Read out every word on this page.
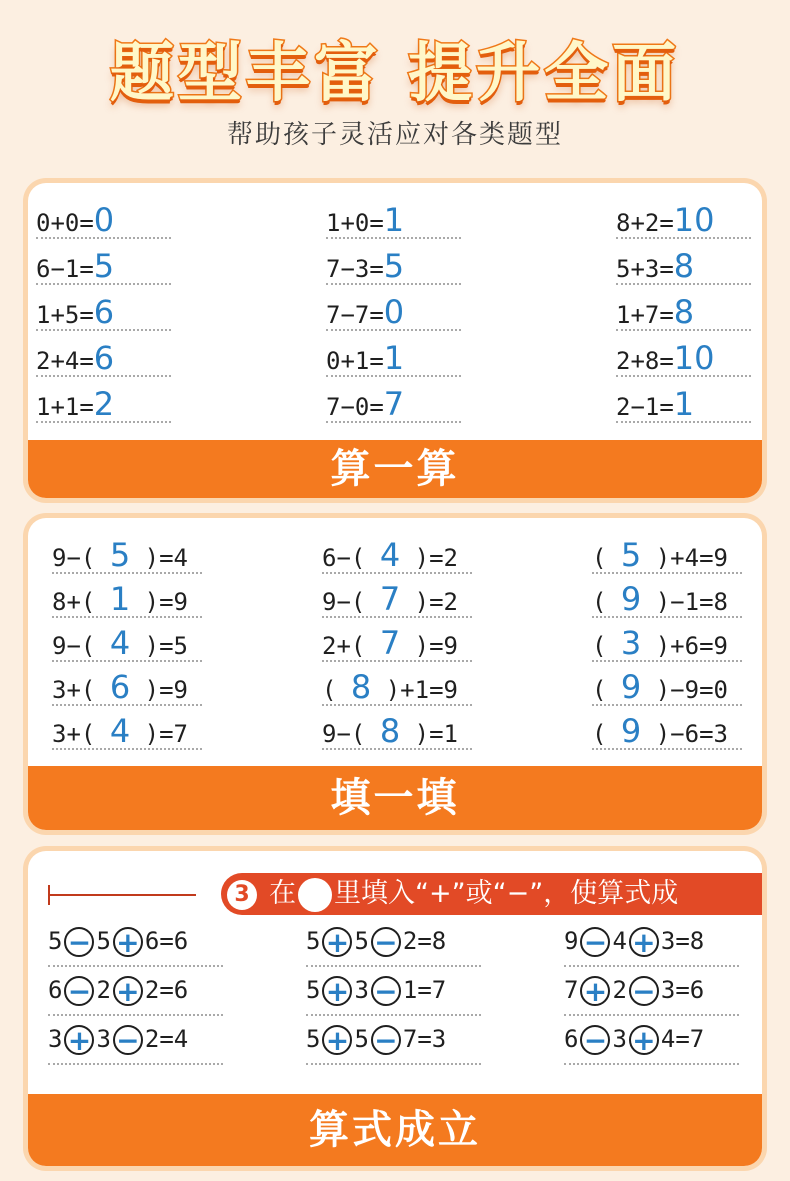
题型丰富 提升全面
帮助孩子灵活应对各类题型
0+0=0	1+0=1	8+2=10
6−1=5	7−3=5	5+3=8
1+5=6	7−7=0	1+7=8
2+4=6	0+1=1	2+8=10
1+1=2	7−0=7	2−1=1
算一算
9−( 5 )=4	6−( 4 )=2	( 5 )+4=9
8+( 1 )=9	9−( 7 )=2	( 9 )−1=8
9−( 4 )=5	2+( 7 )=9	( 3 )+6=9
3+( 6 )=9	( 8 )+1=9	( 9 )−9=0
3+( 4 )=7	9−( 8 )=1	( 9 )−6=3
填一填
3 在 里填入“+”或“−”，使算式成
5 − 5 + 6=6	5 + 5 − 2=8	9 − 4 + 3=8
6 − 2 + 2=6	5 + 3 − 1=7	7 + 2 − 3=6
3 + 3 − 2=4	5 + 5 − 7=3	6 − 3 + 4=7
算式成立
